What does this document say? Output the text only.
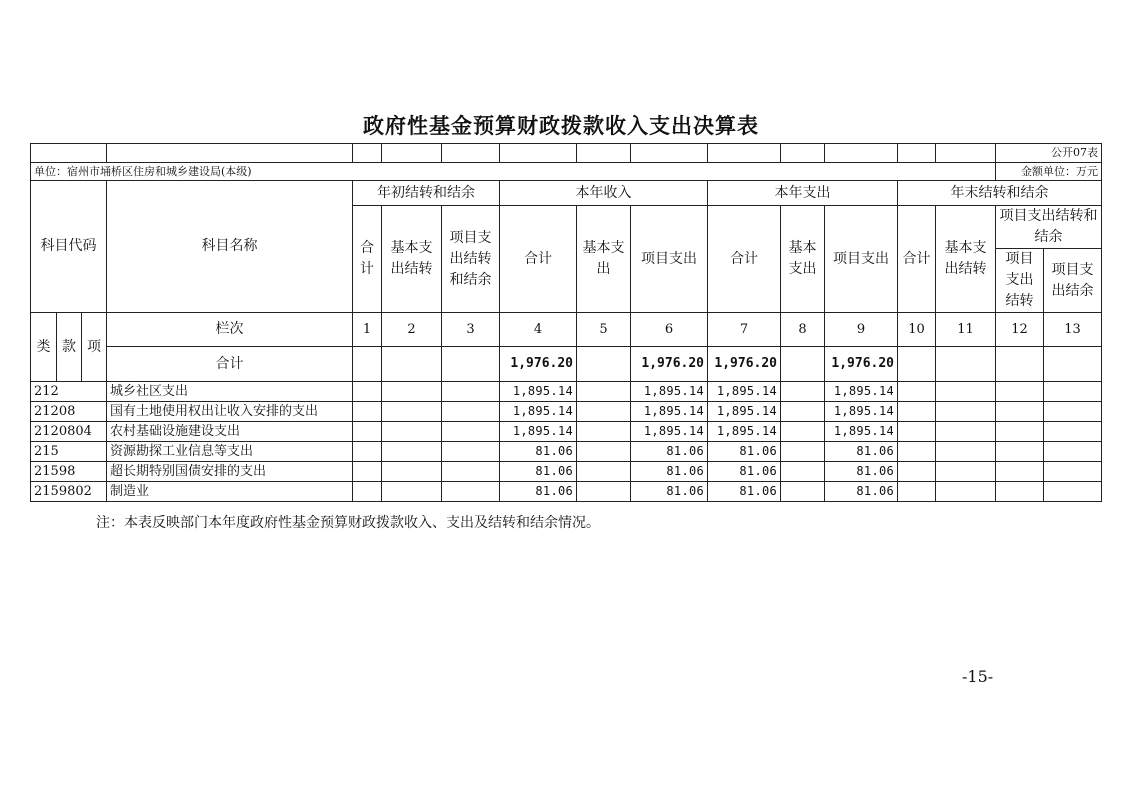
政府性基金预算财政拨款收入支出决算表
															公开07表	
单位：宿州市埇桥区住房和城乡建设局(本级)															金额单位：万元	
科目代码			科目名称	年初结转和结余			本年收入			本年支出			年末结转和结余			
				合计	基本支出结转	项目支出结转和结余	合计	基本支出	项目支出	合计	基本支出	项目支出	合计	基本支出结转	项目支出结转和结余	
															项目支出结转	项目支出结余
类	款	项	栏次	1	2	3	4	5	6	7	8	9	10	11	12	13
			合计				1,976.20		1,976.20	1,976.20		1,976.20				
212			城乡社区支出				1,895.14		1,895.14	1,895.14		1,895.14				
21208			国有土地使用权出让收入安排的支出				1,895.14		1,895.14	1,895.14		1,895.14				
2120804			农村基础设施建设支出				1,895.14		1,895.14	1,895.14		1,895.14				
215			资源勘探工业信息等支出				81.06		81.06	81.06		81.06				
21598			超长期特别国债安排的支出				81.06		81.06	81.06		81.06				
2159802			制造业				81.06		81.06	81.06		81.06				
注：本表反映部门本年度政府性基金预算财政拨款收入、支出及结转和结余情况。
-15-
